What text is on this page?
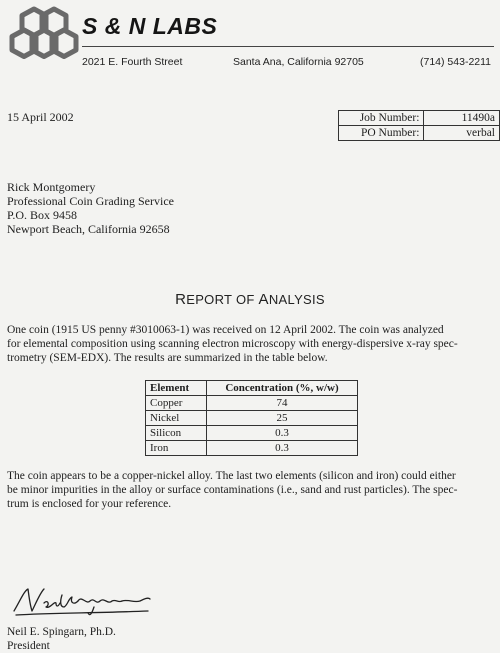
S & N LABS
2021 E. Fourth Street	Santa Ana, California 92705	(714) 543-2211
15 April 2002	Job Number:	11490a
PO Number:	verbal
Rick Montgomery
Professional Coin Grading Service
P.O. Box 9458
Newport Beach, California 92658
REPORT OF ANALYSIS
One coin (1915 US penny #3010063-1) was received on 12 April 2002. The coin was analyzed
for elemental composition using scanning electron microscopy with energy-dispersive x-ray spec-
trometry (SEM-EDX). The results are summarized in the table below.
Element	Concentration (%, w/w)
Copper	74
Nickel	25
Silicon	0.3
Iron	0.3
The coin appears to be a copper-nickel alloy. The last two elements (silicon and iron) could either
be minor impurities in the alloy or surface contaminations (i.e., sand and rust particles). The spec-
trum is enclosed for your reference.
Neil E. Spingarn, Ph.D.
President
